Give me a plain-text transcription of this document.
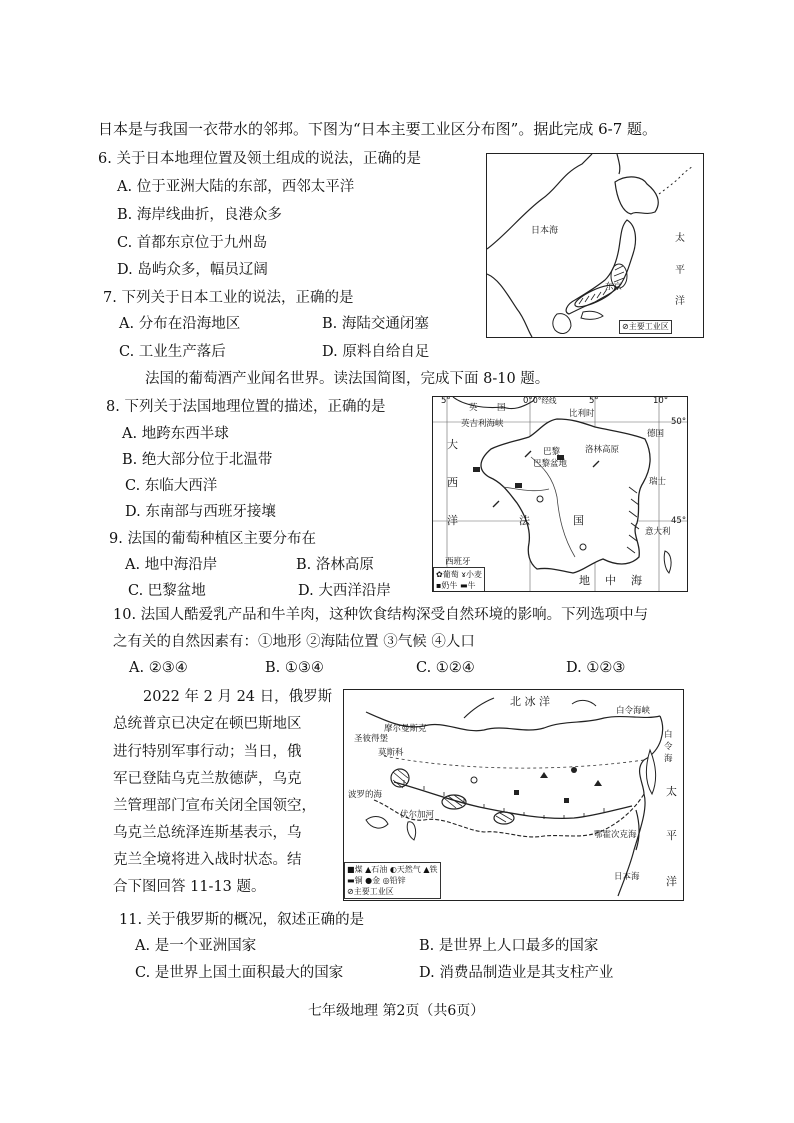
日本是与我国一衣带水的邻邦。下图为“日本主要工业区分布图”。据此完成 6-7 题。
6. 关于日本地理位置及领土组成的说法，正确的是
A. 位于亚洲大陆的东部，西邻太平洋
B. 海岸线曲折，良港众多
C. 首都东京位于九州岛
D. 岛屿众多，幅员辽阔
7. 下列关于日本工业的说法，正确的是
A. 分布在沿海地区	B. 海陆交通闭塞
C. 工业生产落后	D. 原料自给自足
日本海
太
平
洋
东京
⊘主要工业区
法国的葡萄酒产业闻名世界。读法国简图，完成下面 8-10 题。
8. 下列关于法国地理位置的描述，正确的是
A. 地跨东西半球
B. 绝大部分位于北温带
C. 东临大西洋
D. 东南部与西班牙接壤
9. 法国的葡萄种植区主要分布在
A. 地中海沿岸	B. 洛林高原
C. 巴黎盆地	D. 大西洋沿岸
5°	0°	5°	10°
0°经线
50°
45°
英 国
英吉利海峡
比利时
巴黎
巴黎盆地
洛林高原
德国
瑞士
意大利
大
西
洋	法	国
西班牙
地 中 海
✿葡萄 ɤ小麦
▪奶牛 ▬牛
10. 法国人酷爱乳产品和牛羊肉，这种饮食结构深受自然环境的影响。下列选项中与
之有关的自然因素有：①地形 ②海陆位置 ③气候 ④人口
A. ②③④	B. ①③④	C. ①②④	D. ①②③
2022 年 2 月 24 日，俄罗斯
总统普京已决定在顿巴斯地区
进行特别军事行动；当日，俄
军已登陆乌克兰敖德萨，乌克
兰管理部门宣布关闭全国领空，
乌克兰总统泽连斯基表示，乌
克兰全境将进入战时状态。结
合下图回答 11-13 题。
北 冰 洋
白
令
海
白令海峡
摩尔曼斯克
圣彼得堡
莫斯科
鄂霍次克海
太
平
洋
日本海
伏尔加河
波罗的海
■煤 ▲石油 ◐天然气 ▲铁
▬铜 ●金 ◎铅锌
⊘主要工业区
11. 关于俄罗斯的概况，叙述正确的是
A. 是一个亚洲国家	B. 是世界上人口最多的国家
C. 是世界上国土面积最大的国家	D. 消费品制造业是其支柱产业
七年级地理 第2页（共6页）
